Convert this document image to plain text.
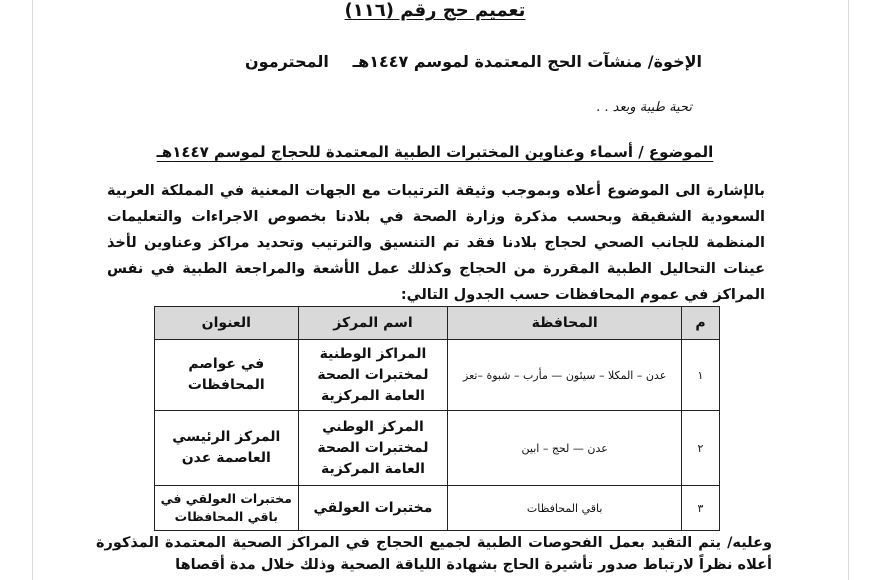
تعميم حج رقم (١١٦)
الإخوة/ منشآت الحج المعتمدة لموسم ١٤٤٧هـ
المحترمون
تحية طيبة وبعد . .
الموضوع / أسماء وعناوين المختبرات الطبية المعتمدة للحجاج لموسم ١٤٤٧هـ
بالإشارة الى الموضوع أعلاه وبموجب وثيقة الترتيبات مع الجهات المعنية في المملكة العربية السعودية الشقيقة وبحسب مذكرة وزارة الصحة في بلادنا بخصوص الاجراءات والتعليمات المنظمة للجانب الصحي لحجاج بلادنا فقد تم التنسيق والترتيب وتحديد مراكز وعناوين لأخذ عينات التحاليل الطبية المقررة من الحجاج وكذلك عمل الأشعة والمراجعة الطبية في نفس المراكز في عموم المحافظات حسب الجدول التالي:
م	المحافظة	اسم المركز	العنوان
١	عدن – المكلا – سيئون — مأرب – شبوة –تعز	المراكز الوطنية لمختبرات الصحة العامة المركزية	في عواصم المحافظات
٢	عدن — لحج – ابين	المركز الوطني لمختبرات الصحة العامة المركزية	المركز الرئيسي العاصمة عدن
٣	باقي المحافظات	مختبرات العولقي	مختبرات العولقي في باقي المحافظات
وعليه/ يتم التقيد بعمل الفحوصات الطبية لجميع الحجاج في المراكز الصحية المعتمدة المذكورة أعلاه نظراً لارتباط صدور تأشيرة الحاج بشهادة اللياقة الصحية وذلك خلال مدة أقصاها
